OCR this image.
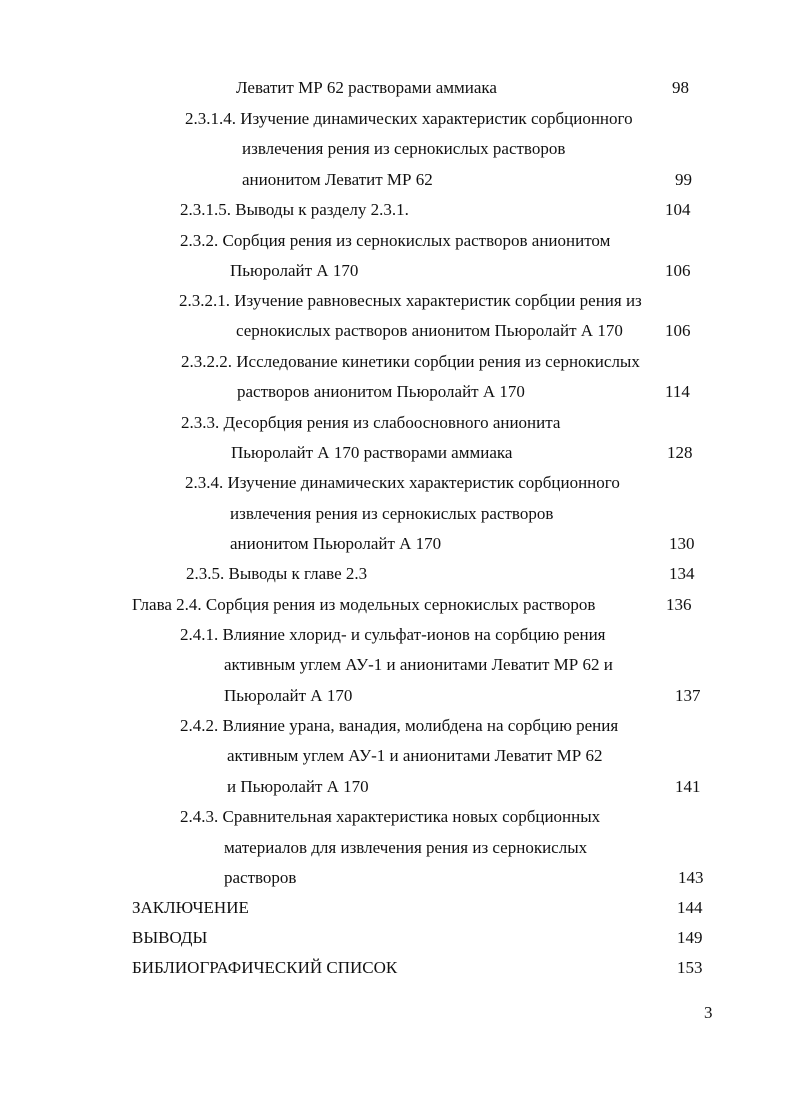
Леватит МР 62 растворами аммиака	98
2.3.1.4. Изучение динамических характеристик сорбционного
извлечения рения из сернокислых растворов
анионитом Леватит МР 62	99
2.3.1.5. Выводы к разделу 2.3.1.	104
2.3.2. Сорбция рения из сернокислых растворов анионитом
Пьюролайт А 170	106
2.3.2.1. Изучение равновесных характеристик сорбции рения из
сернокислых растворов анионитом Пьюролайт А 170 106
2.3.2.2. Исследование кинетики сорбции рения из сернокислых
растворов анионитом Пьюролайт А 170	114
2.3.3. Десорбция рения из слабоосновного анионита
Пьюролайт А 170 растворами аммиака	128
2.3.4. Изучение динамических характеристик сорбционного
извлечения рения из сернокислых растворов
анионитом Пьюролайт А 170	130
2.3.5. Выводы к главе 2.3	134
Глава 2.4. Сорбция рения из модельных сернокислых растворов	136
2.4.1. Влияние хлорид- и сульфат-ионов на сорбцию рения
активным углем АУ-1 и анионитами Леватит МР 62 и
Пьюролайт А 170	137
2.4.2. Влияние урана, ванадия, молибдена на сорбцию рения
активным углем АУ-1 и анионитами Леватит МР 62
и Пьюролайт А 170	141
2.4.3. Сравнительная характеристика новых сорбционных
материалов для извлечения рения из сернокислых
растворов	143
ЗАКЛЮЧЕНИЕ	144
ВЫВОДЫ	149
БИБЛИОГРАФИЧЕСКИЙ СПИСОК	153
3
